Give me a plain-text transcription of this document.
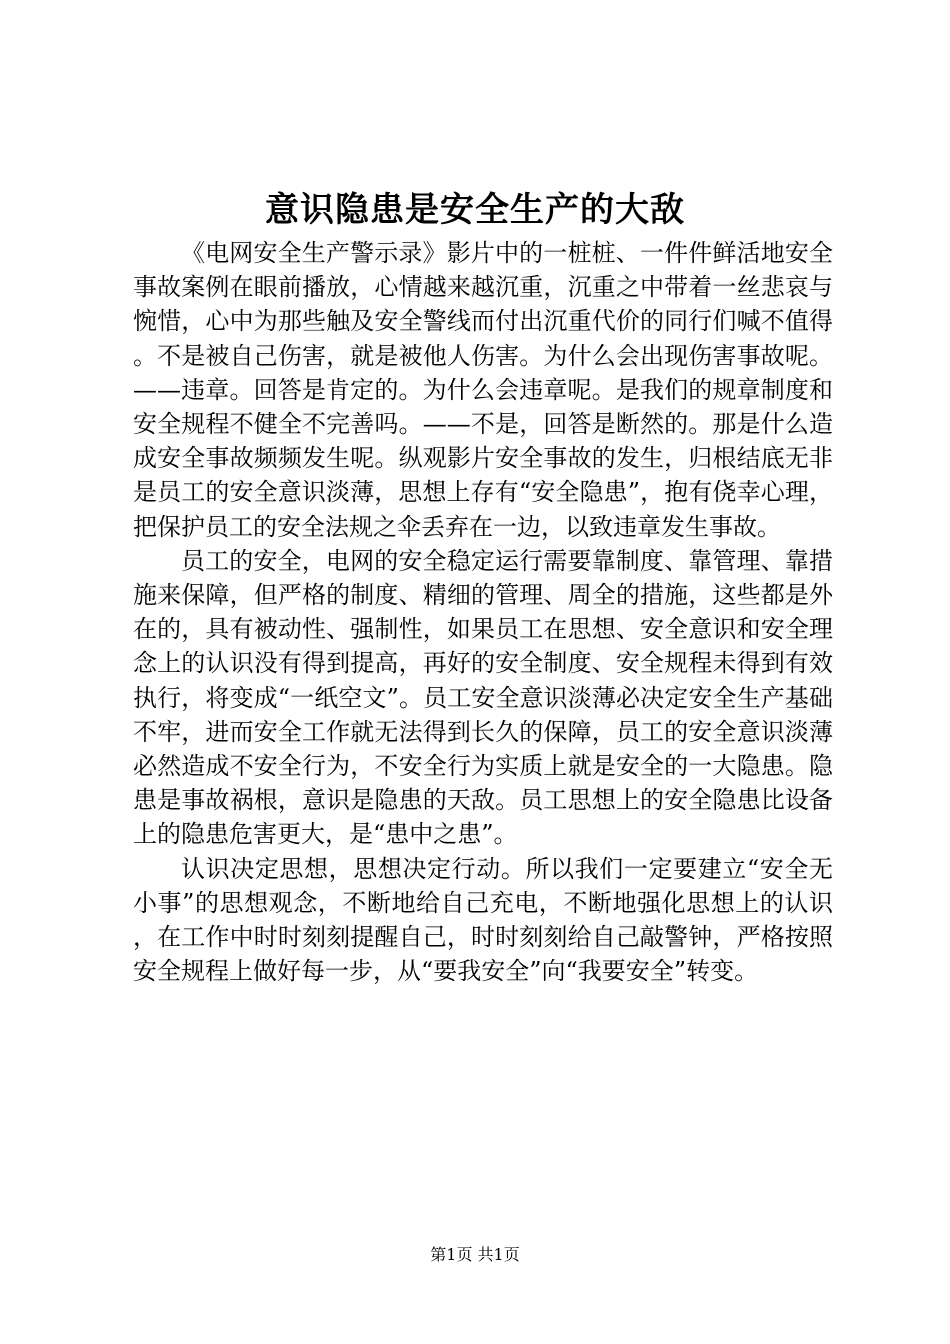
意识隐患是安全生产的大敌

《电网安全生产警示录》影片中的一桩桩、一件件鲜活地安全事故案例在眼前播放，心情越来越沉重，沉重之中带着一丝悲哀与惋惜，心中为那些触及安全警线而付出沉重代价的同行们喊不值得。不是被自己伤害，就是被他人伤害。为什么会出现伤害事故呢。——违章。回答是肯定的。为什么会违章呢。是我们的规章制度和安全规程不健全不完善吗。——不是，回答是断然的。那是什么造成安全事故频频发生呢。纵观影片安全事故的发生，归根结底无非是员工的安全意识淡薄，思想上存有“安全隐患”，抱有侥幸心理，把保护员工的安全法规之伞丢弃在一边，以致违章发生事故。

员工的安全，电网的安全稳定运行需要靠制度、靠管理、靠措施来保障，但严格的制度、精细的管理、周全的措施，这些都是外在的，具有被动性、强制性，如果员工在思想、安全意识和安全理念上的认识没有得到提高，再好的安全制度、安全规程未得到有效执行，将变成“一纸空文”。员工安全意识淡薄必决定安全生产基础不牢，进而安全工作就无法得到长久的保障，员工的安全意识淡薄必然造成不安全行为，不安全行为实质上就是安全的一大隐患。隐患是事故祸根，意识是隐患的天敌。员工思想上的安全隐患比设备上的隐患危害更大，是“患中之患”。

认识决定思想，思想决定行动。所以我们一定要建立“安全无小事”的思想观念，不断地给自己充电，不断地强化思想上的认识，在工作中时时刻刻提醒自己，时时刻刻给自己敲警钟，严格按照安全规程上做好每一步，从“要我安全”向“我要安全”转变。

第1页 共1页
